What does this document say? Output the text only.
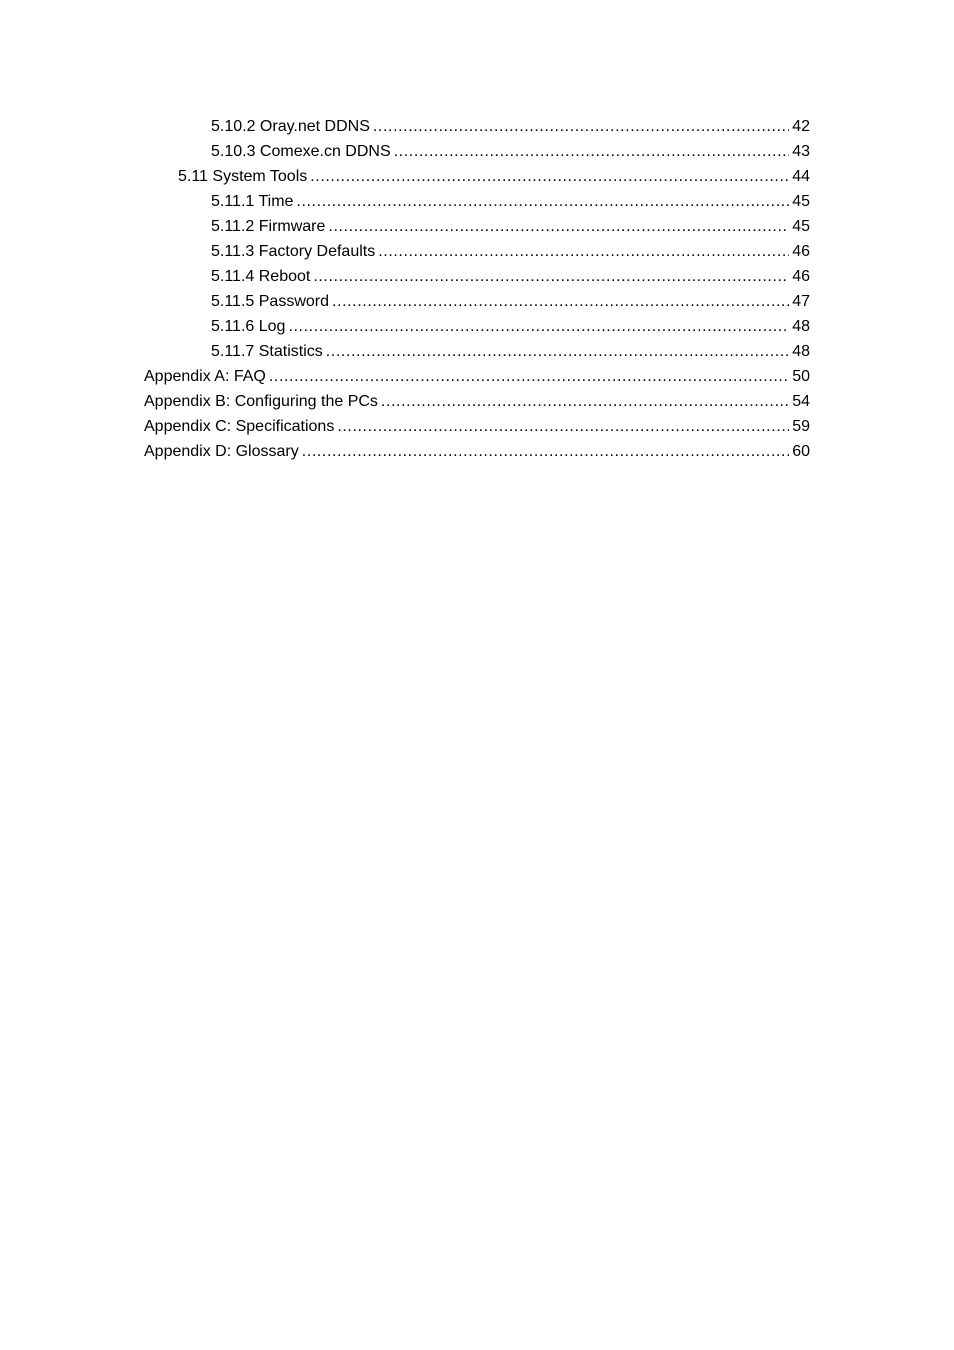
5.10.2 Oray.net DDNS .....	42
5.10.3 Comexe.cn DDNS .....	43
5.11 System Tools .....	44
5.11.1 Time .....	45
5.11.2 Firmware .....	45
5.11.3 Factory Defaults .....	46
5.11.4 Reboot .....	46
5.11.5 Password .....	47
5.11.6 Log .....	48
5.11.7 Statistics .....	48
Appendix A: FAQ .....	50
Appendix B: Configuring the PCs .....	54
Appendix C: Specifications .....	59
Appendix D: Glossary .....	60
